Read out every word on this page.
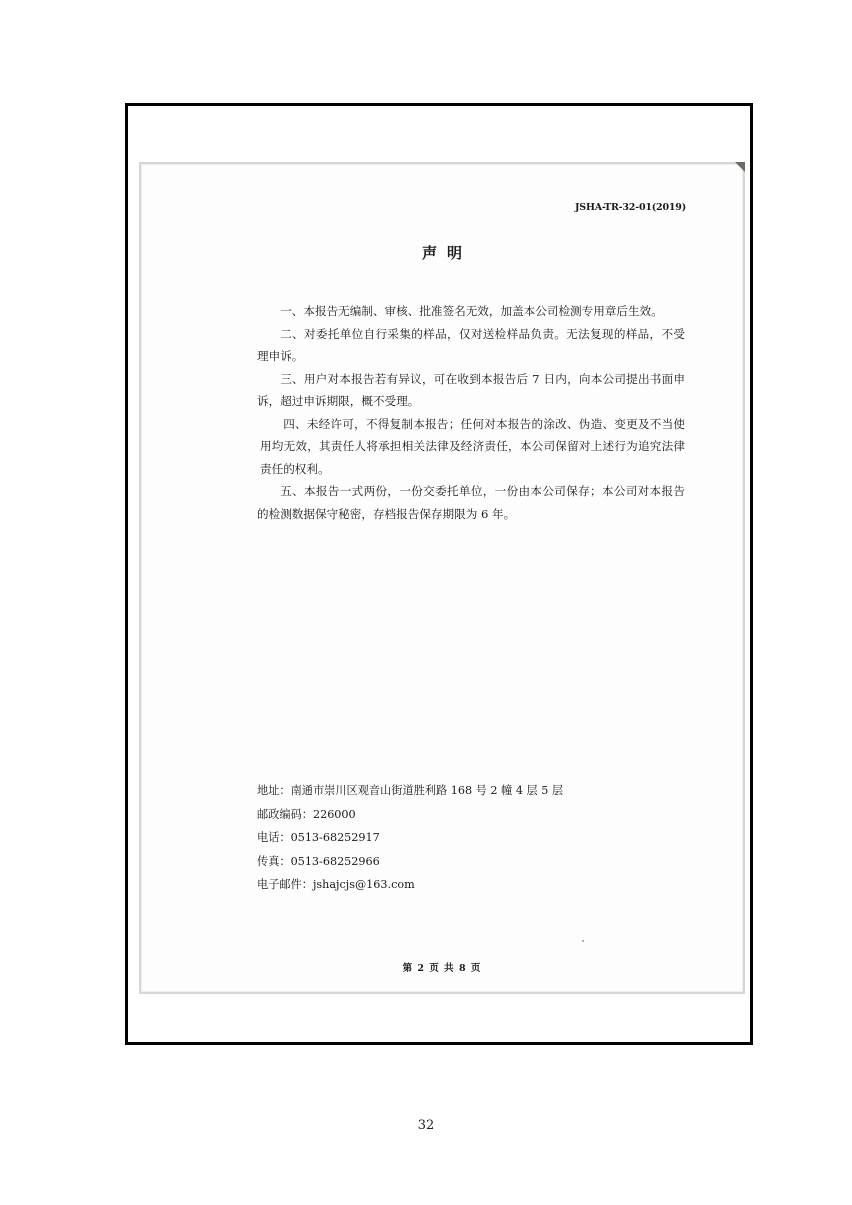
JSHA-TR-32-01(2019)
声明

一、本报告无编制、审核、批准签名无效，加盖本公司检测专用章后生效。

二、对委托单位自行采集的样品，仅对送检样品负责。无法复现的样品，不受理申诉。

三、用户对本报告若有异议，可在收到本报告后 7 日内，向本公司提出书面申诉，超过申诉期限，概不受理。

四、未经许可，不得复制本报告；任何对本报告的涂改、伪造、变更及不当使用均无效，其责任人将承担相关法律及经济责任，本公司保留对上述行为追究法律责任的权利。

五、本报告一式两份，一份交委托单位，一份由本公司保存；本公司对本报告的检测数据保守秘密，存档报告保存期限为 6 年。

地址：南通市崇川区观音山街道胜利路 168 号 2 幢 4 层 5 层
邮政编码：226000
电话：0513-68252917
传真：0513-68252966
电子邮件：jshajcjs@163.com
第 2 页 共 8 页
32
